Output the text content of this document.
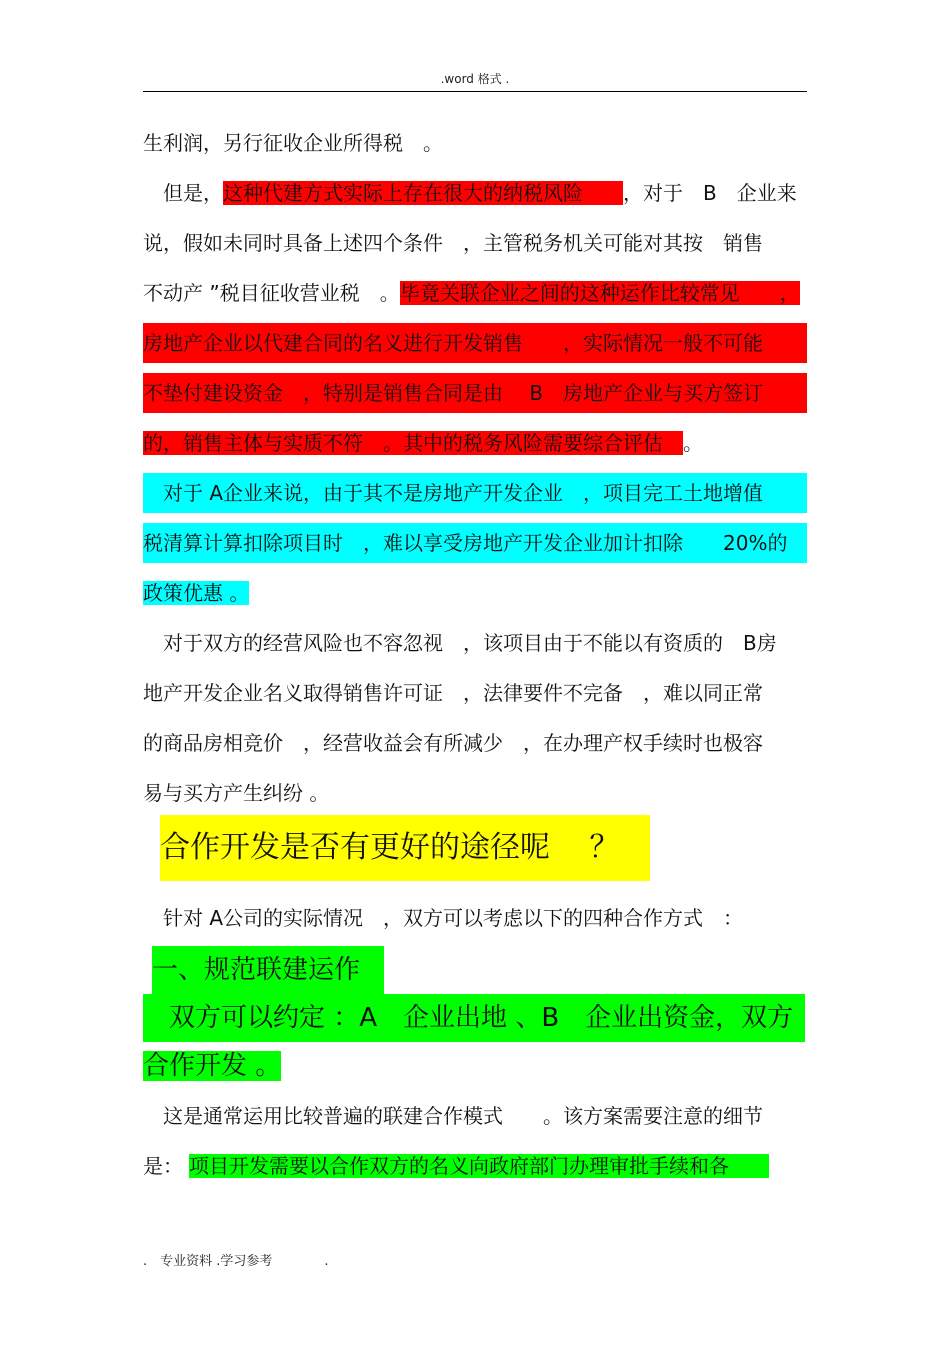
.word 格式 .
生利润，另行征收企业所得税　。
　但是，这种代建方式实际上存在很大的纳税风险　　，对于　B　企业来
说，假如未同时具备上述四个条件　，主管税务机关可能对其按　销售
不动产 ”税目征收营业税　。毕竟关联企业之间的这种运作比较常见　　，
房地产企业以代建合同的名义进行开发销售　　，实际情况一般不可能
不垫付建设资金　，特别是销售合同是由　 B　房地产企业与买方签订
的，销售主体与实质不符　。其中的税务风险需要综合评估　。
　对于 A企业来说，由于其不是房地产开发企业　，项目完工土地增值
税清算计算扣除项目时　，难以享受房地产开发企业加计扣除　　20%的
政策优惠 。
　对于双方的经营风险也不容忽视　，该项目由于不能以有资质的　B房
地产开发企业名义取得销售许可证　，法律要件不完备　，难以同正常
的商品房相竞价　，经营收益会有所减少　，在办理产权手续时也极容
易与买方产生纠纷 。
合作开发是否有更好的途径呢　 ？
　针对 A公司的实际情况　，双方可以考虑以下的四种合作方式　：
一、规范联建运作
　双方可以约定 ：A　企业出地 、B　企业出资金，双方
合作开发 。
　这是通常运用比较普遍的联建合作模式　　。该方案需要注意的细节
是： 项目开发需要以合作双方的名义向政府部门办理审批手续和各　　
.　专业资料 .学习参考　　　　.
